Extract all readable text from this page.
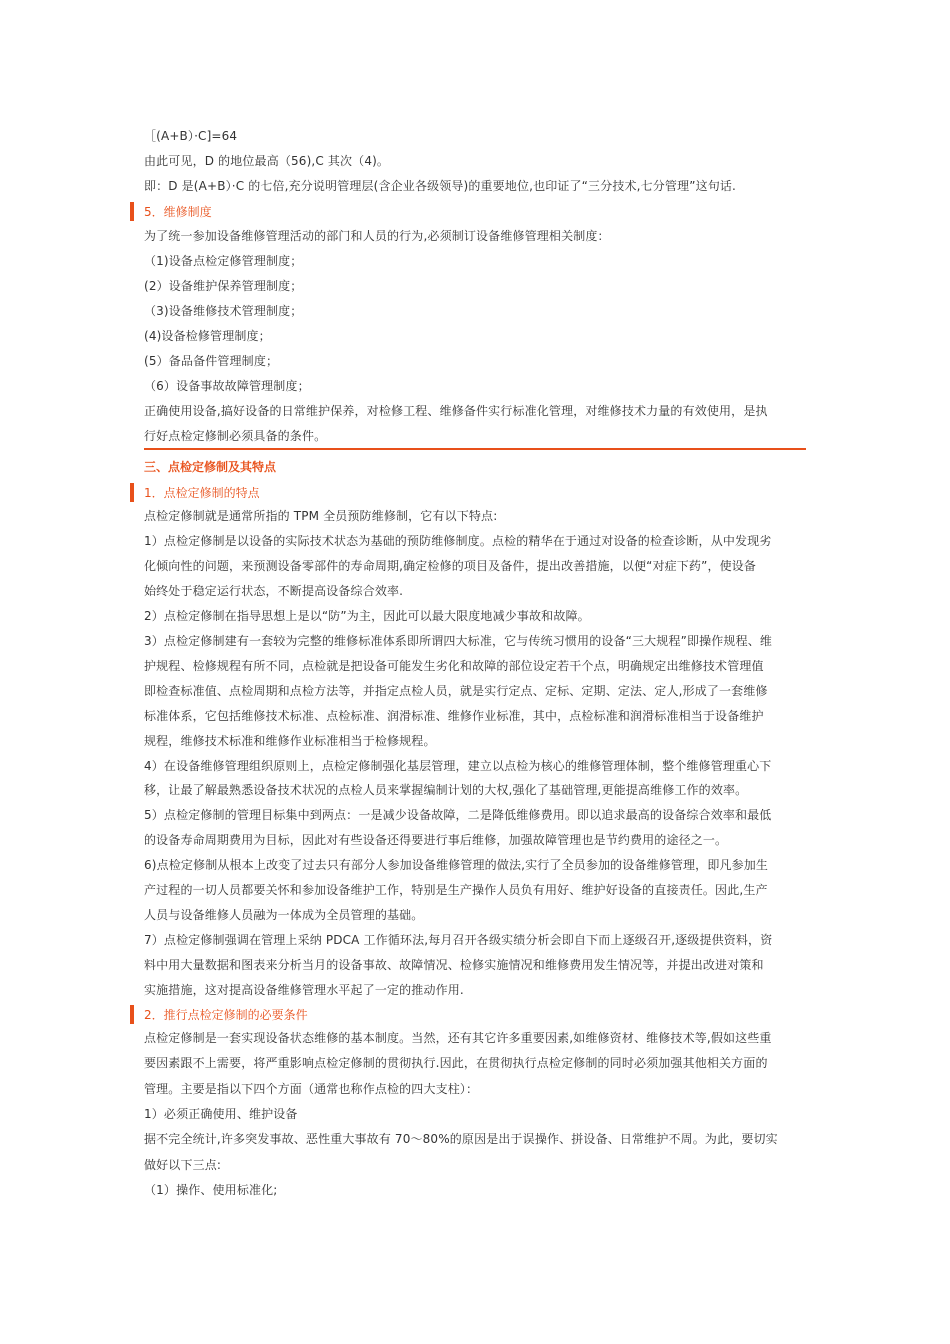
［(A+B）·C]=64
由此可见，D 的地位最高（56),C 其次（4)。
即：D 是(A+B）·C 的七倍,充分说明管理层(含企业各级领导)的重要地位,也印证了“三分技术,七分管理”这句话.
5．维修制度
为了统一参加设备维修管理活动的部门和人员的行为,必须制订设备维修管理相关制度：
（1)设备点检定修管理制度；
(2）设备维护保养管理制度；
（3)设备维修技术管理制度；
(4)设备检修管理制度；
(5）备品备件管理制度；
（6）设备事故故障管理制度；
正确使用设备,搞好设备的日常维护保养，对检修工程、维修备件实行标准化管理，对维修技术力量的有效使用，是执
行好点检定修制必须具备的条件。
三、点检定修制及其特点
1．点检定修制的特点
点检定修制就是通常所指的 TPM 全员预防维修制，它有以下特点:
1）点检定修制是以设备的实际技术状态为基础的预防维修制度。点检的精华在于通过对设备的检查诊断，从中发现劣
化倾向性的问题，来预测设备零部件的寿命周期,确定检修的项目及备件，提出改善措施，以便“对症下药”，使设备
始终处于稳定运行状态，不断提高设备综合效率.
2）点检定修制在指导思想上是以“防”为主，因此可以最大限度地减少事故和故障。
3）点检定修制建有一套较为完整的维修标准体系即所谓四大标准，它与传统习惯用的设备“三大规程”即操作规程、维
护规程、检修规程有所不同，点检就是把设备可能发生劣化和故障的部位设定若干个点，明确规定出维修技术管理值
即检查标准值、点检周期和点检方法等，并指定点检人员，就是实行定点、定标、定期、定法、定人,形成了一套维修
标准体系，它包括维修技术标准、点检标准、润滑标准、维修作业标准，其中，点检标准和润滑标准相当于设备维护
规程，维修技术标准和维修作业标准相当于检修规程。
4）在设备维修管理组织原则上，点检定修制强化基层管理，建立以点检为核心的维修管理体制，整个维修管理重心下
移，让最了解最熟悉设备技术状况的点检人员来掌握编制计划的大权,强化了基础管理,更能提高维修工作的效率。
5）点检定修制的管理目标集中到两点：一是减少设备故障，二是降低维修费用。即以追求最高的设备综合效率和最低
的设备寿命周期费用为目标，因此对有些设备还得要进行事后维修，加强故障管理也是节约费用的途径之一。
6)点检定修制从根本上改变了过去只有部分人参加设备维修管理的做法,实行了全员参加的设备维修管理，即凡参加生
产过程的一切人员都要关怀和参加设备维护工作，特别是生产操作人员负有用好、维护好设备的直接责任。因此,生产
人员与设备维修人员融为一体成为全员管理的基础。
7）点检定修制强调在管理上采纳 PDCA 工作循环法,每月召开各级实绩分析会即自下而上逐级召开,逐级提供资料，资
料中用大量数据和图表来分析当月的设备事故、故障情况、检修实施情况和维修费用发生情况等，并提出改进对策和
实施措施，这对提高设备维修管理水平起了一定的推动作用.
2．推行点检定修制的必要条件
点检定修制是一套实现设备状态维修的基本制度。当然，还有其它许多重要因素,如维修资材、维修技术等,假如这些重
要因素跟不上需要，将严重影响点检定修制的贯彻执行.因此，在贯彻执行点检定修制的同时必须加强其他相关方面的
管理。主要是指以下四个方面（通常也称作点检的四大支柱）：
1）必须正确使用、维护设备
据不完全统计,许多突发事故、恶性重大事故有 70～80%的原因是出于误操作、拼设备、日常维护不周。为此，要切实
做好以下三点:
（1）操作、使用标准化;
